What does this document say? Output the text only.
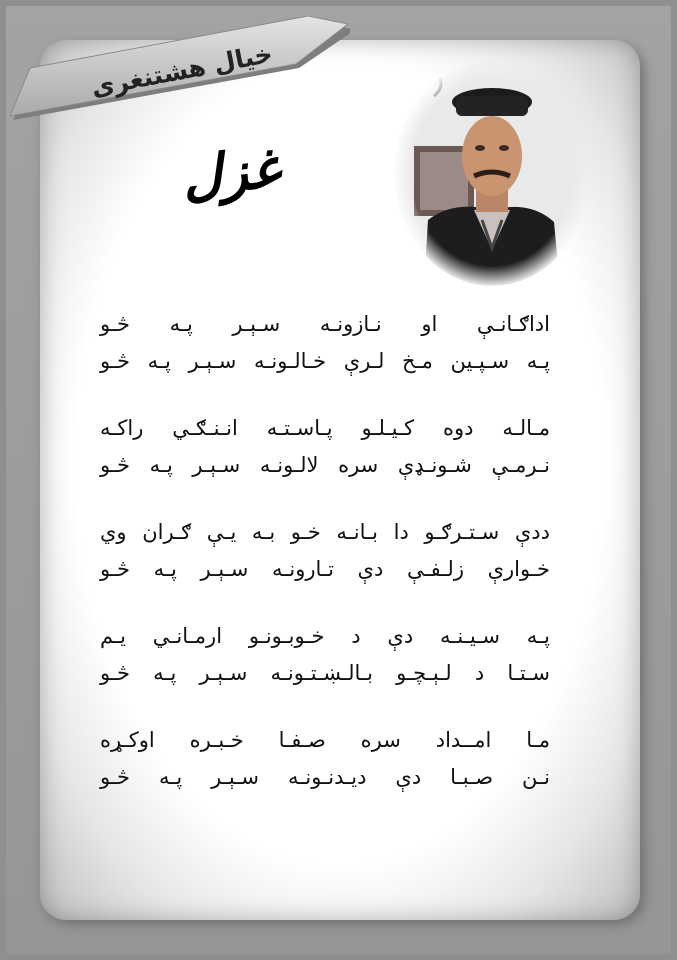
خیال هشتنغری
غزل
اداګـانـې او نـازونـه سـېـر پـه څـو
پـه سـپـین مـخ لـرې خـالـونـه سـېـر پـه څـو
مـالـه دوه کـیـلـو پـاسـتـه انـنـګـي راکـه
نـرمـې شـونـډې سره لالـونـه سـېـر پـه څـو
ددې سـتـرګـو دا بـانـه خـو بـه یـې ګـران وي
خـوارې زلـفـې دې تـارونـه سـېـر پـه څـو
پـه سـیـنـه دې د خـوبـونـو ارمـانـي یـم
سـتـا د لـېـچـو بـالـښـتـونـه سـېـر پـه څـو
مـا امــداد سره صـفـا خـبـره اوکـړه
نـن صـبـا دې دیـدنـونـه سـېـر پـه څـو
